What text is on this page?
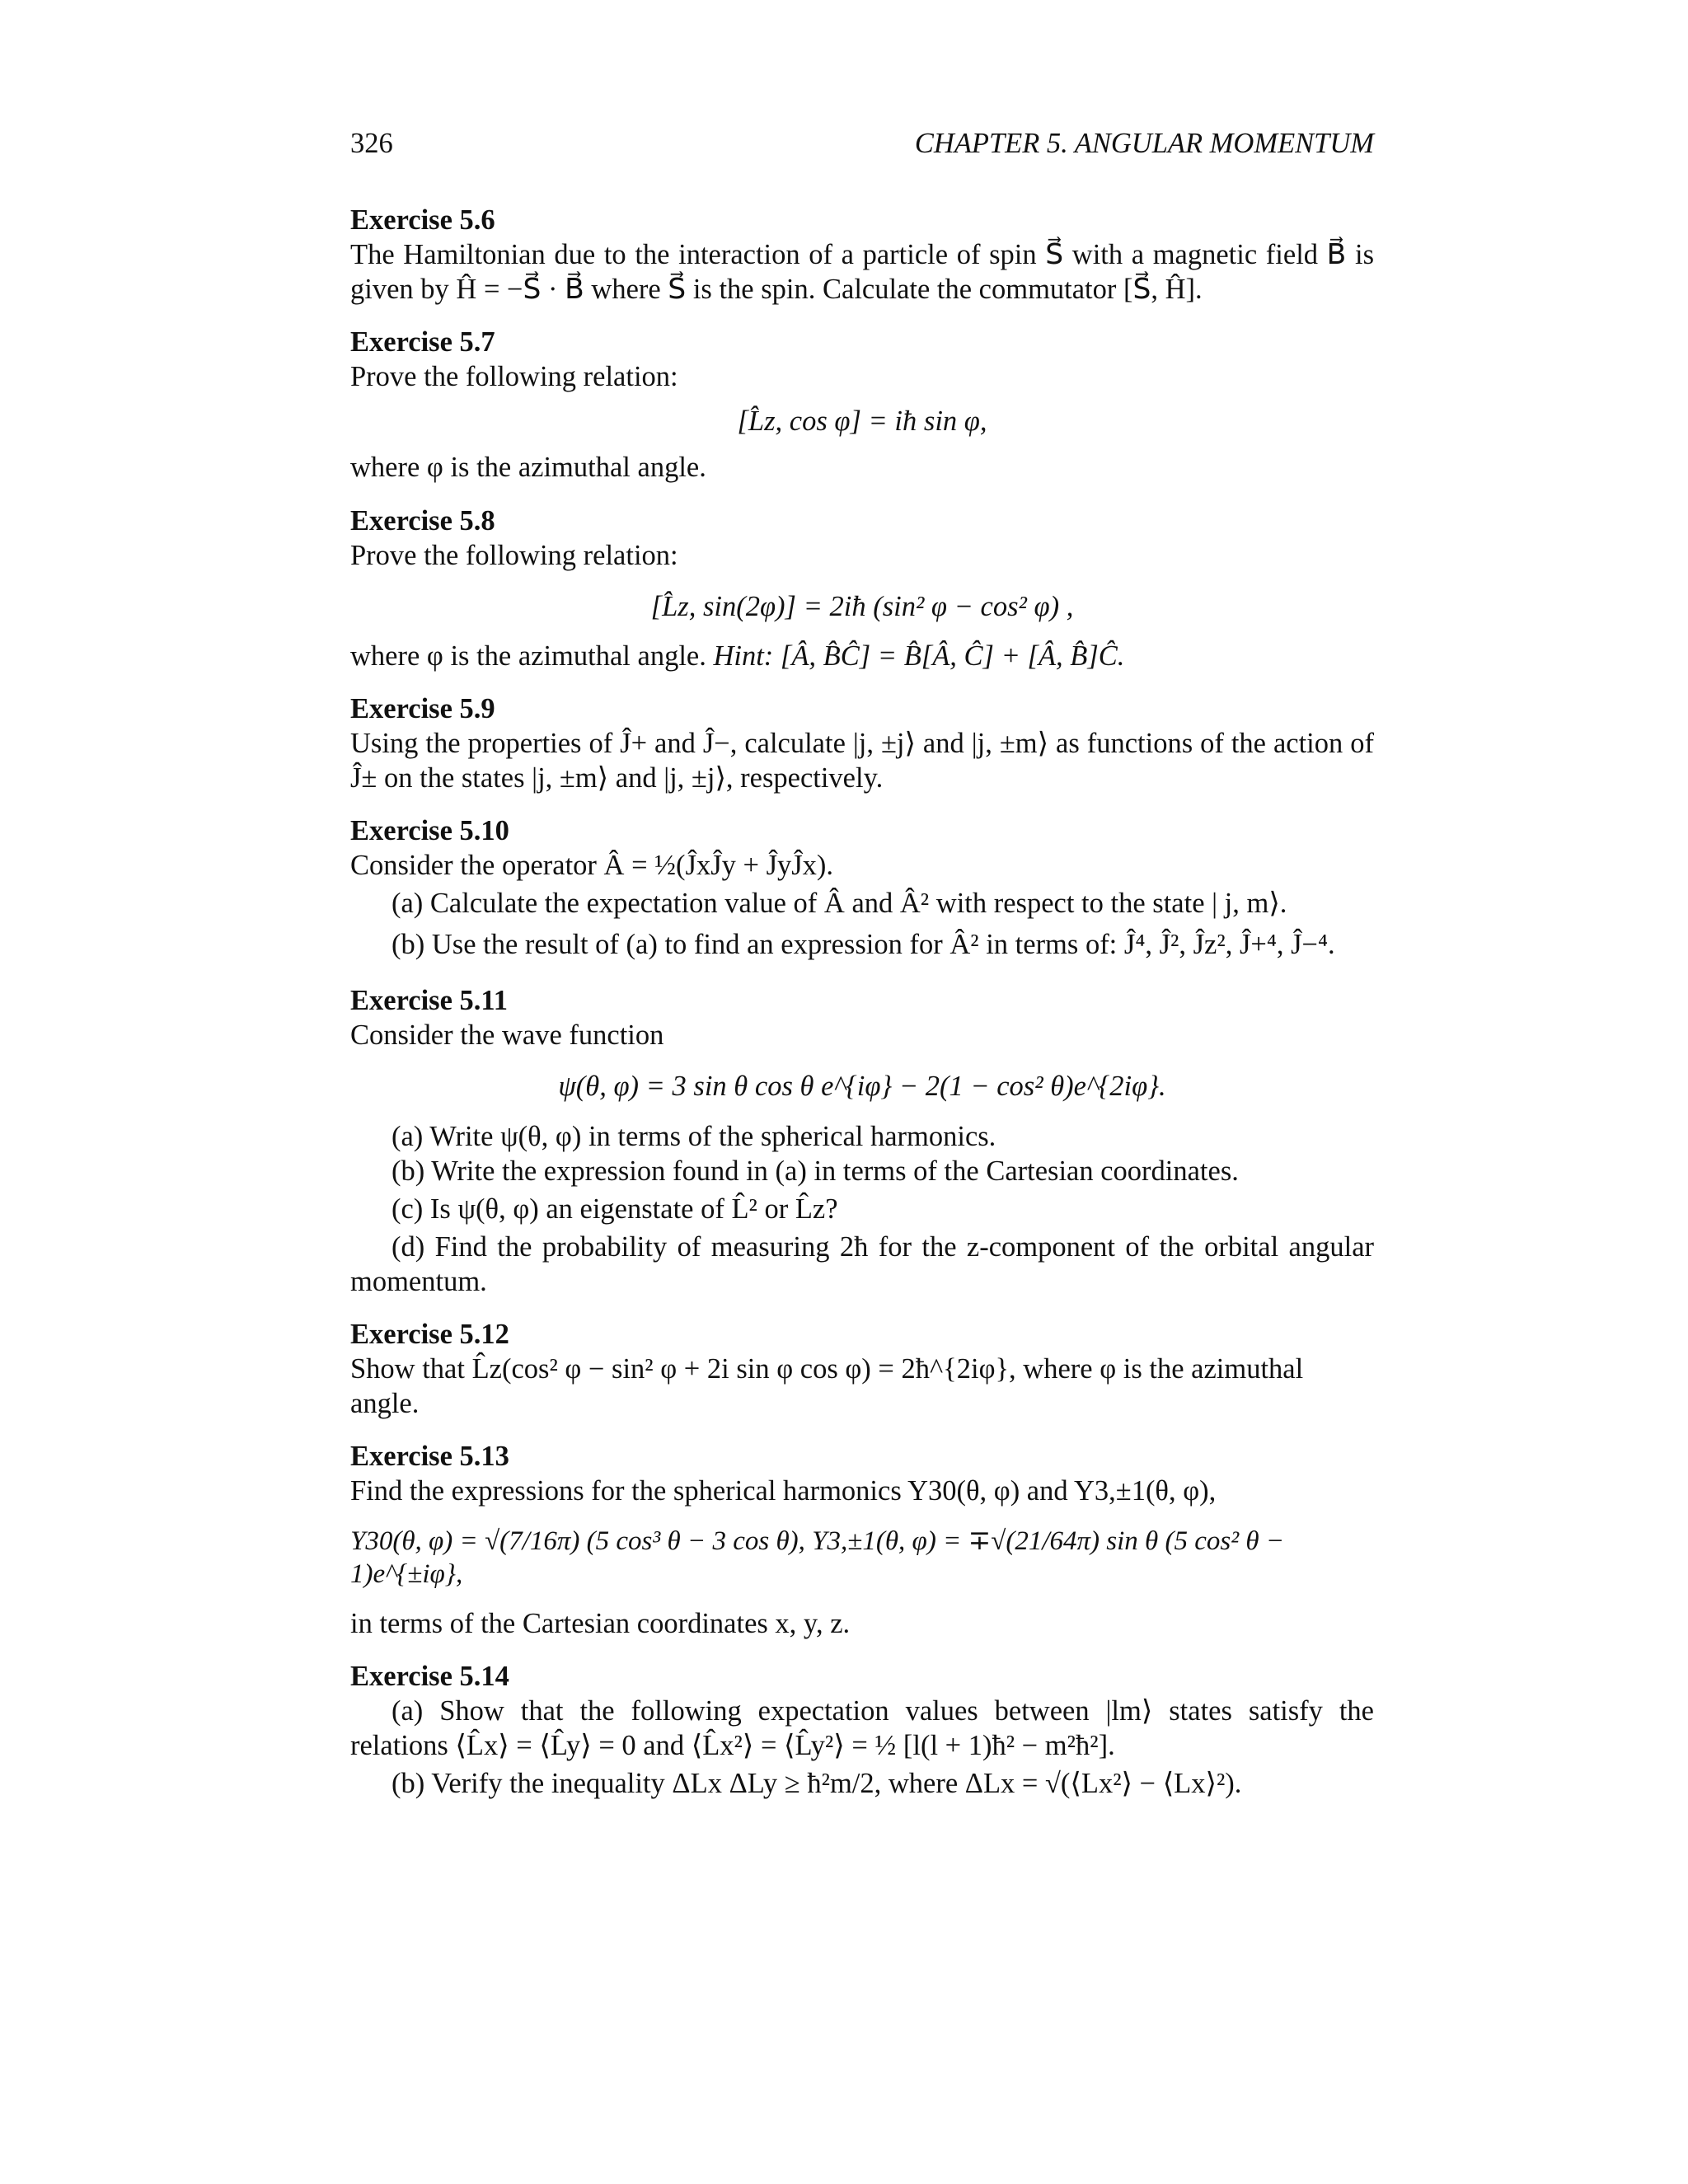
326	CHAPTER 5. ANGULAR MOMENTUM
Exercise 5.6
The Hamiltonian due to the interaction of a particle of spin S⃗ with a magnetic field B⃗ is given by Ĥ = −S⃗ · B⃗ where S⃗ is the spin. Calculate the commutator [S⃗, Ĥ].
Exercise 5.7
Prove the following relation:
[L̂z, cos φ] = iħ sin φ,
where φ is the azimuthal angle.
Exercise 5.8
Prove the following relation:
[L̂z, sin(2φ)] = 2iħ (sin² φ − cos² φ) ,
where φ is the azimuthal angle. Hint: [Â, B̂Ĉ] = B̂[Â, Ĉ] + [Â, B̂]Ĉ.
Exercise 5.9
Using the properties of Ĵ+ and Ĵ−, calculate |j, ±j⟩ and |j, ±m⟩ as functions of the action of Ĵ± on the states |j, ±m⟩ and |j, ±j⟩, respectively.
Exercise 5.10
Consider the operator Â = ½(ĴxĴy + ĴyĴx).
(a) Calculate the expectation value of Â and Â² with respect to the state | j, m⟩.
(b) Use the result of (a) to find an expression for Â² in terms of: Ĵ⁴, Ĵ², Ĵz², Ĵ+⁴, Ĵ−⁴.
Exercise 5.11
Consider the wave function
ψ(θ, φ) = 3 sin θ cos θ e^{iφ} − 2(1 − cos² θ)e^{2iφ}.
(a) Write ψ(θ, φ) in terms of the spherical harmonics.
(b) Write the expression found in (a) in terms of the Cartesian coordinates.
(c) Is ψ(θ, φ) an eigenstate of L̂² or L̂z?
(d) Find the probability of measuring 2ħ for the z-component of the orbital angular momentum.
Exercise 5.12
Show that L̂z(cos² φ − sin² φ + 2i sin φ cos φ) = 2ħ^{2iφ}, where φ is the azimuthal angle.
Exercise 5.13
Find the expressions for the spherical harmonics Y30(θ, φ) and Y3,±1(θ, φ),
Y30(θ, φ) = √(7/16π) (5 cos³ θ − 3 cos θ), Y3,±1(θ, φ) = ∓√(21/64π) sin θ (5 cos² θ − 1)e^{±iφ},
in terms of the Cartesian coordinates x, y, z.
Exercise 5.14
(a) Show that the following expectation values between |lm⟩ states satisfy the relations ⟨L̂x⟩ = ⟨L̂y⟩ = 0 and ⟨L̂x²⟩ = ⟨L̂y²⟩ = ½ [l(l + 1)ħ² − m²ħ²].
(b) Verify the inequality ΔLx ΔLy ≥ ħ²m/2, where ΔLx = √(⟨Lx²⟩ − ⟨Lx⟩²).
